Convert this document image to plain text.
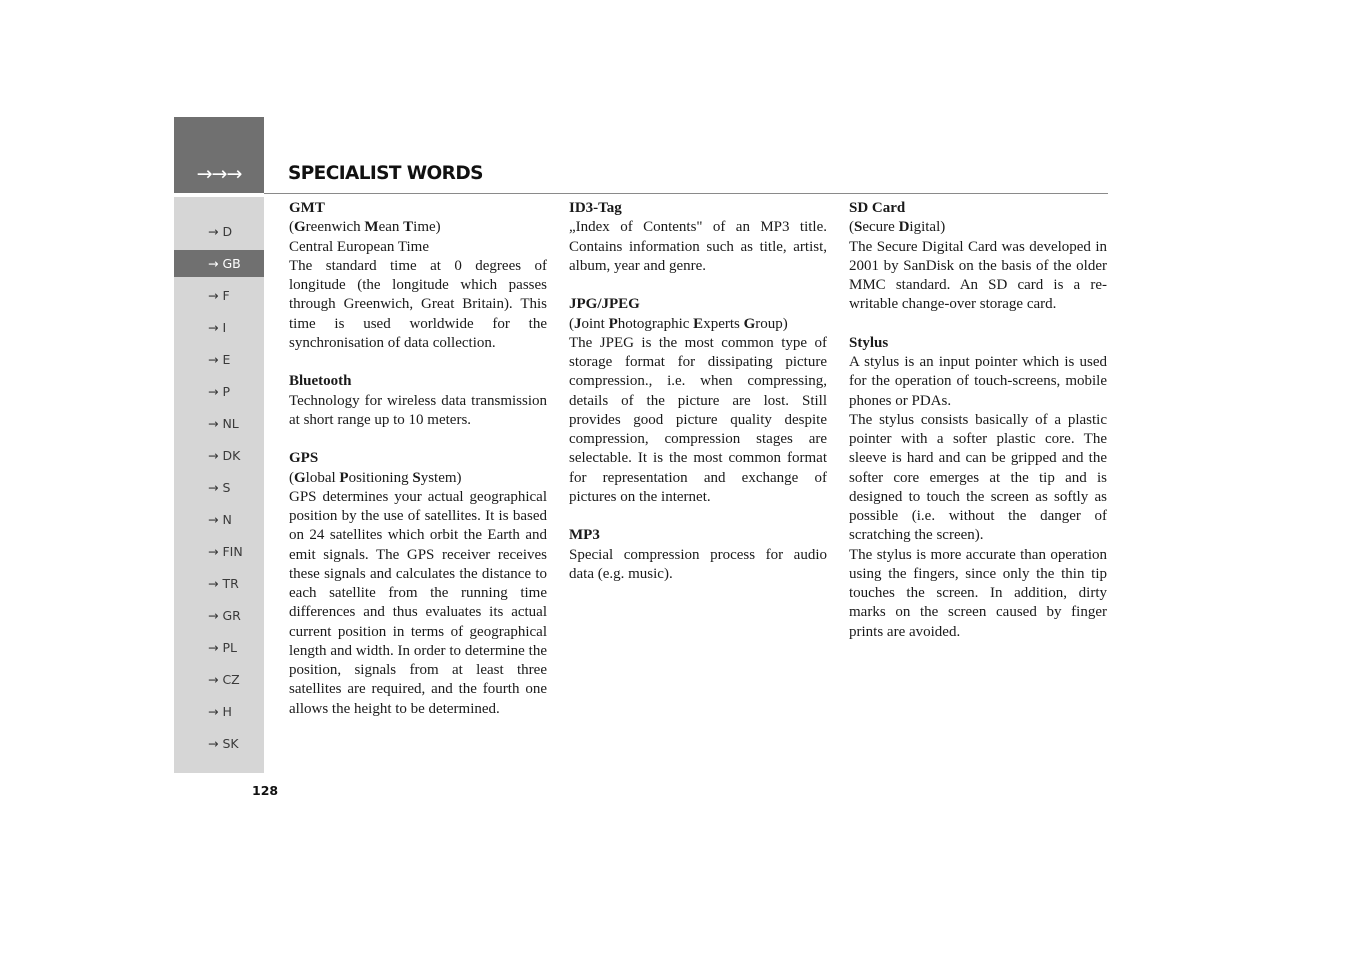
→→→	SPECIALIST WORDS
→ D
→ GB
→ F
→ I
→ E
→ P
→ NL
→ DK
→ S
→ N
→ FIN
→ TR
→ GR
→ PL
→ CZ
→ H
→ SK
128

GMT

(Greenwich Mean Time)

Central European Time

The standard time at 0 degrees of longitude (the longitude which passes through Greenwich, Great Britain). This time is used worldwide for the synchronisation of data collection.

Bluetooth

Technology for wireless data transmission at short range up to 10 meters.

GPS

(Global Positioning System)

GPS determines your actual geographical position by the use of satellites. It is based on 24 satellites which orbit the Earth and emit signals. The GPS receiver receives these signals and calculates the distance to each satellite from the running time differences and thus evaluates its actual current position in terms of geographical length and width. In order to determine the position, signals from at least three satellites are required, and the fourth one allows the height to be determined.

ID3-Tag

„Index of Contents" of an MP3 title. Contains information such as title, artist, album, year and genre.

JPG/JPEG

(Joint Photographic Experts Group)

The JPEG is the most common type of storage format for dissipating picture compression., i.e. when compressing, details of the picture are lost. Still provides good picture quality despite compression, compression stages are selectable. It is the most common format for representation and exchange of pictures on the internet.

MP3

Special compression process for audio data (e.g. music).

SD Card

(Secure Digital)

The Secure Digital Card was developed in 2001 by SanDisk on the basis of the older MMC standard. An SD card is a re-writable change-over storage card.

Stylus

A stylus is an input pointer which is used for the operation of touch-screens, mobile phones or PDAs.

The stylus consists basically of a plastic pointer with a softer plastic core. The sleeve is hard and can be gripped and the softer core emerges at the tip and is designed to touch the screen as softly as possible (i.e. without the danger of scratching the screen).

The stylus is more accurate than operation using the fingers, since only the thin tip touches the screen. In addition, dirty marks on the screen caused by finger prints are avoided.
